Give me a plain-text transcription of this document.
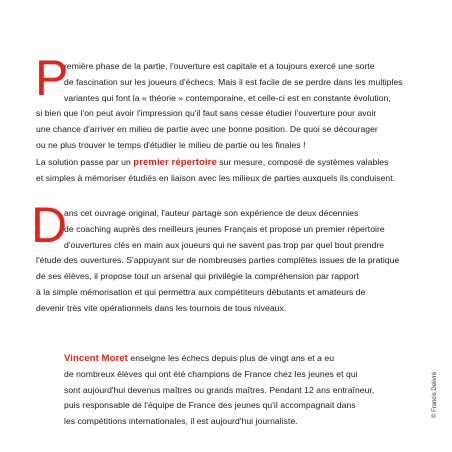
P
remière phase de la partie, l'ouverture est capitale et a toujours exercé une sorte
de fascination sur les joueurs d'échecs. Mais il est facile de se perdre dans les multiples
variantes qui font la « théorie » contemporaine, et celle-ci est en constante évolution,
si bien que l'on peut avoir l'impression qu'il faut sans cesse étudier l'ouverture pour avoir
une chance d'arriver en milieu de partie avec une bonne position. De quoi se décourager
ou ne plus trouver le temps d'étudier le milieu de partie ou les finales !
La solution passe par un premier répertoire sur mesure, composé de systèmes valables
et simples à mémoriser étudiés en liaison avec les milieux de parties auxquels ils conduisent.
D
ans cet ouvrage original, l'auteur partage son expérience de deux décennies
de coaching auprès des meilleurs jeunes Français et propose un premier répertoire
d'ouvertures clés en main aux joueurs qui ne savent pas trop par quel bout prendre
l'étude des ouvertures. S'appuyant sur de nombreuses parties complètes issues de la pratique
de ses élèves, il propose tout un arsenal qui privilégie la compréhension par rapport
à la simple mémorisation et qui permettra aux compétiteurs débutants et amateurs de
devenir très vite opérationnels dans les tournois de tous niveaux.
Vincent Moret enseigne les échecs depuis plus de vingt ans et a eu
de nombreux élèves qui ont été champions de France chez les jeunes et qui
sont aujourd'hui devenus maîtres ou grands maîtres. Pendant 12 ans entraîneur,
puis responsable de l'équipe de France des jeunes qu'il accompagnait dans
les compétitions internationales, il est aujourd'hui journaliste.
© Francis Delivré
